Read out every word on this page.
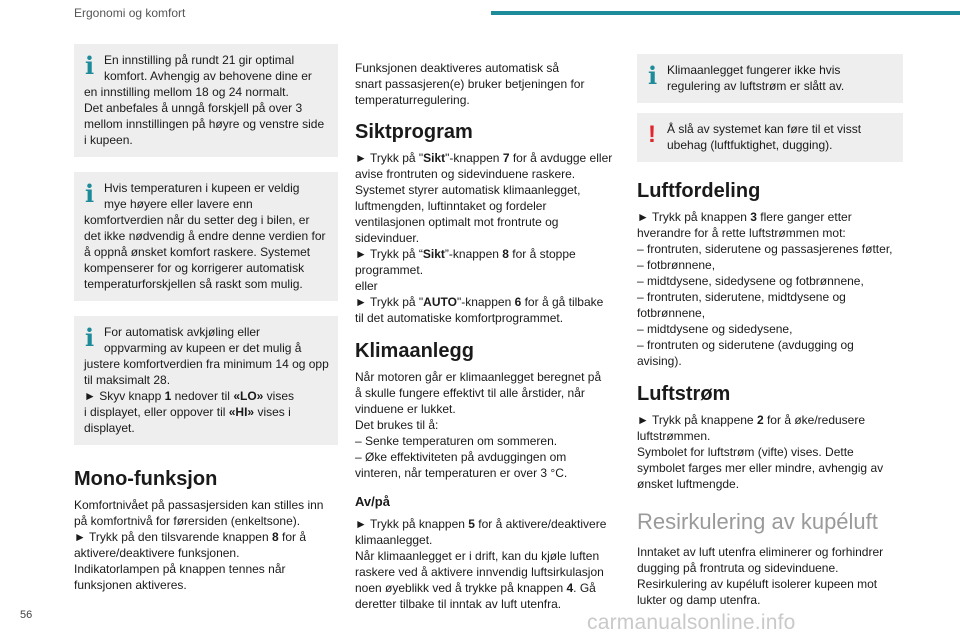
Ergonomi og komfort
i En innstilling på rundt 21 gir optimal
komfort. Avhengig av behovene dine er

en innstilling mellom 18 og 24 normalt.

Det anbefales å unngå forskjell på over 3

mellom innstillingen på høyre og venstre side

i kupeen.

i Hvis temperaturen i kupeen er veldig
mye høyere eller lavere enn

komfortverdien når du setter deg i bilen, er

det ikke nødvendig å endre denne verdien for

å oppnå ønsket komfort raskere. Systemet

kompenserer for og korrigerer automatisk

temperaturforskjellen så raskt som mulig.

i For automatisk avkjøling eller
oppvarming av kupeen er det mulig å

justere komfortverdien fra minimum 14 og opp

til maksimalt 28.

► Skyv knapp 1 nedover til «LO» vises

i displayet, eller oppover til «HI» vises i

displayet.

Mono-funksjon

Komfortnivået på passasjersiden kan stilles inn

på komfortnivå for førersiden (enkeltsone).

► Trykk på den tilsvarende knappen 8 for å

aktivere/deaktivere funksjonen.

Indikatorlampen på knappen tennes når

funksjonen aktiveres.

Funksjonen deaktiveres automatisk så

snart passasjeren(e) bruker betjeningen for

temperaturregulering.

Siktprogram

► Trykk på "Sikt"-knappen 7 for å avdugge eller

avise frontruten og sidevinduene raskere.

Systemet styrer automatisk klimaanlegget,

luftmengden, luftinntaket og fordeler

ventilasjonen optimalt mot frontrute og

sidevinduer.

► Trykk på “Sikt”-knappen 8 for å stoppe

programmet.

eller

► Trykk på "AUTO"-knappen 6 for å gå tilbake

til det automatiske komfortprogrammet.

Klimaanlegg

Når motoren går er klimaanlegget beregnet på

å skulle fungere effektivt til alle årstider, når

vinduene er lukket.

Det brukes til å:

– Senke temperaturen om sommeren.

– Øke effektiviteten på avduggingen om

vinteren, når temperaturen er over 3 °C.

Av/på

► Trykk på knappen 5 for å aktivere/deaktivere

klimaanlegget.

Når klimaanlegget er i drift, kan du kjøle luften

raskere ved å aktivere innvendig luftsirkulasjon

noen øyeblikk ved å trykke på knappen 4. Gå

deretter tilbake til inntak av luft utenfra.

i Klimaanlegget fungerer ikke hvis
regulering av luftstrøm er slått av.
! Å slå av systemet kan føre til et visst
ubehag (luftfuktighet, dugging).
Luftfordeling

► Trykk på knappen 3 flere ganger etter

hverandre for å rette luftstrømmen mot:

– frontruten, siderutene og passasjerenes føtter,

– fotbrønnene,

– midtdysene, sidedysene og fotbrønnene,

– frontruten, siderutene, midtdysene og

fotbrønnene,

– midtdysene og sidedysene,

– frontruten og siderutene (avdugging og

avising).

Luftstrøm

► Trykk på knappene 2 for å øke/redusere

luftstrømmen.

Symbolet for luftstrøm (vifte) vises. Dette

symbolet farges mer eller mindre, avhengig av

ønsket luftmengde.

Resirkulering av kupéluft

Inntaket av luft utenfra eliminerer og forhindrer

dugging på frontruta og sidevinduene.

Resirkulering av kupéluft isolerer kupeen mot

lukter og damp utenfra.

56	carmanualsonline.info
